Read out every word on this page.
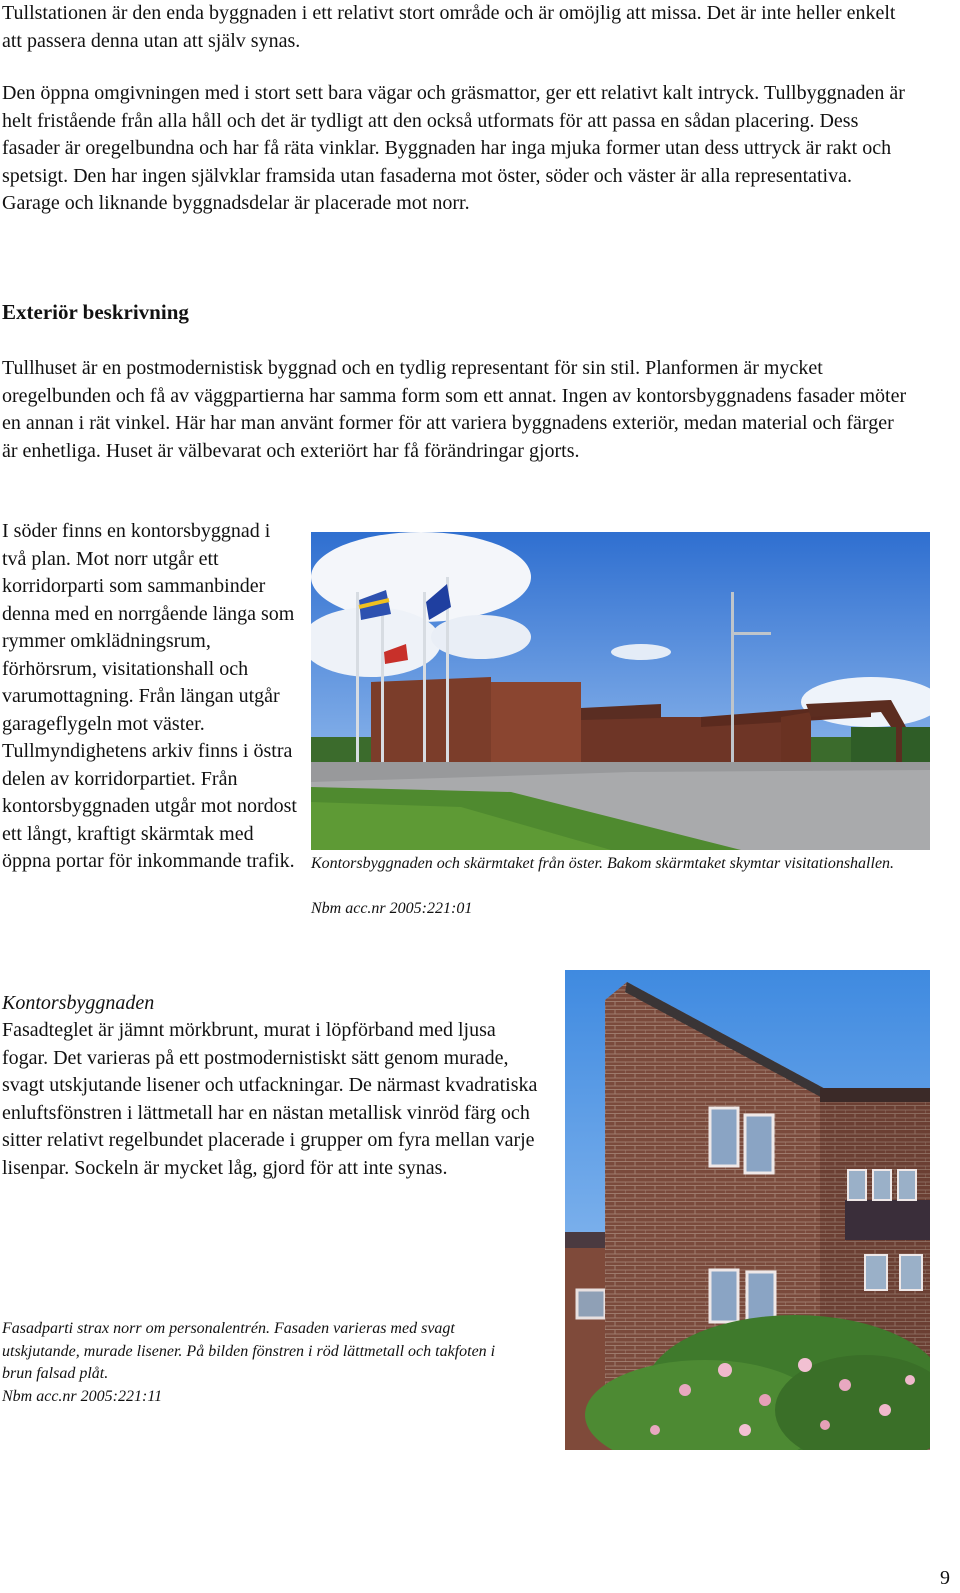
Tullstationen är den enda byggnaden i ett relativt stort område och är omöjlig att missa. Det är inte heller enkelt att passera denna utan att själv synas.

Den öppna omgivningen med i stort sett bara vägar och gräsmattor, ger ett relativt kalt intryck. Tullbyggnaden är helt fristående från alla håll och det är tydligt att den också utformats för att passa en sådan placering. Dess fasader är oregelbundna och har få räta vinklar. Byggnaden har inga mjuka former utan dess uttryck är rakt och spetsigt. Den har ingen självklar framsida utan fasaderna mot öster, söder och väster är alla representativa. Garage och liknande byggnadsdelar är placerade mot norr.

Exteriör beskrivning

Tullhuset är en postmodernistisk byggnad och en tydlig representant för sin stil. Planformen är mycket oregelbunden och få av väggpartierna har samma form som ett annat. Ingen av kontorsbyggnadens fasader möter en annan i rät vinkel. Här har man använt former för att variera byggnadens exteriör, medan material och färger är enhetliga. Huset är välbevarat och exteriört har få förändringar gjorts.

I söder finns en kontorsbyggnad i två plan. Mot norr utgår ett korridorparti som sammanbinder denna med en norrgående länga som rymmer omklädningsrum, förhörsrum, visitationshall och varumottagning. Från längan utgår garageflygeln mot väster. Tullmyndighetens arkiv finns i östra delen av korridorpartiet. Från kontorsbyggnaden utgår mot nordost ett långt, kraftigt skärmtak med öppna portar för inkommande trafik. Kontorsbyggnaden och skärmtaket från öster. Bakom skärmtaket skymtar visitationshallen.

Nbm acc.nr 2005:221:01

Kontorsbyggnaden

Fasadteglet är jämnt mörkbrunt, murat i löpförband med ljusa fogar. Det varieras på ett postmodernistiskt sätt genom murade, svagt utskjutande lisener och utfackningar. De närmast kvadratiska enluftsfönstren i lättmetall har en nästan metallisk vinröd färg och sitter relativt regelbundet placerade i grupper om fyra mellan varje lisenpar. Sockeln är mycket låg, gjord för att inte synas.

Fasadparti strax norr om personalentrén. Fasaden varieras med svagt utskjutande, murade lisener. På bilden fönstren i röd lättmetall och takfoten i brun falsad plåt.

Nbm acc.nr 2005:221:11

9
